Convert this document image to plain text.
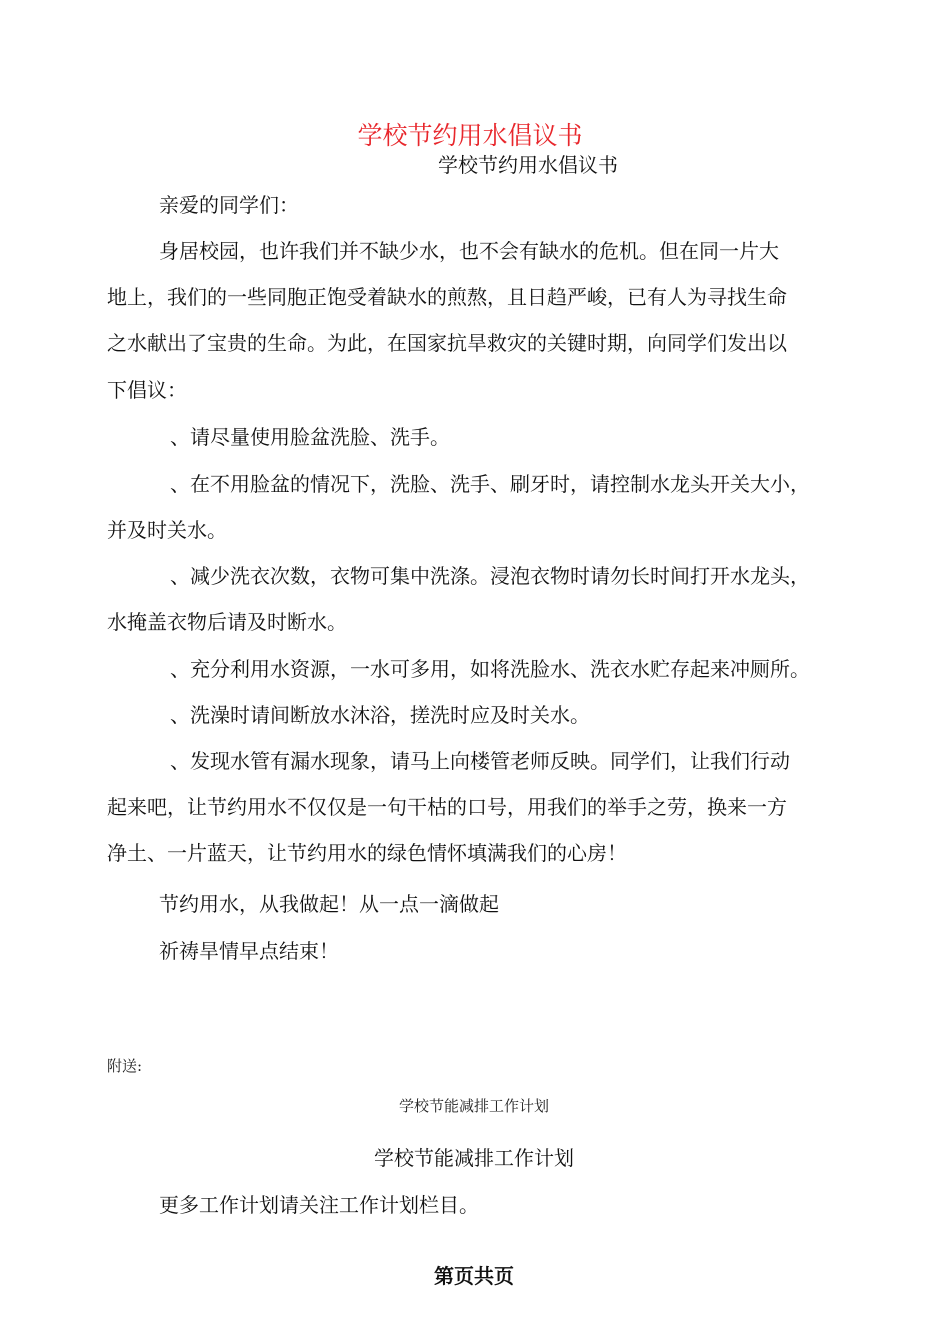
学校节约用水倡议书
学校节约用水倡议书
亲爱的同学们：
身居校园，也许我们并不缺少水，也不会有缺水的危机。但在同一片大
地上，我们的一些同胞正饱受着缺水的煎熬，且日趋严峻，已有人为寻找生命
之水献出了宝贵的生命。为此，在国家抗旱救灾的关键时期，向同学们发出以
下倡议：
、请尽量使用脸盆洗脸、洗手。
、在不用脸盆的情况下，洗脸、洗手、刷牙时，请控制水龙头开关大小，
并及时关水。
、减少洗衣次数，衣物可集中洗涤。浸泡衣物时请勿长时间打开水龙头，
水掩盖衣物后请及时断水。
、充分利用水资源，一水可多用，如将洗脸水、洗衣水贮存起来冲厕所。
、洗澡时请间断放水沐浴，搓洗时应及时关水。
、发现水管有漏水现象，请马上向楼管老师反映。同学们，让我们行动
起来吧，让节约用水不仅仅是一句干枯的口号，用我们的举手之劳，换来一方
净土、一片蓝天，让节约用水的绿色情怀填满我们的心房！
节约用水，从我做起！从一点一滴做起
祈祷旱情早点结束！
附送:
学校节能减排工作计划
学校节能减排工作计划
更多工作计划请关注工作计划栏目。
第页共页
